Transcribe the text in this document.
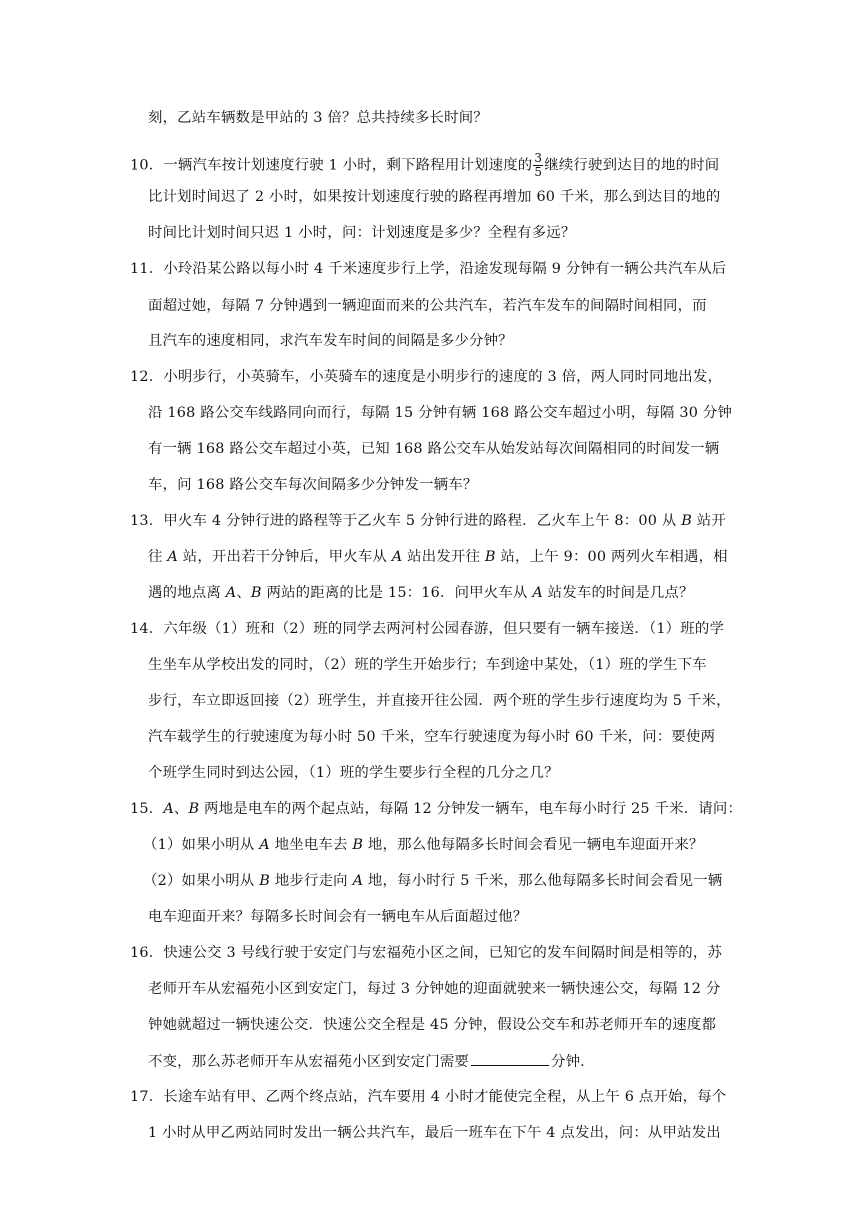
刻，乙站车辆数是甲站的 3 倍？总共持续多长时间？
10．一辆汽车按计划速度行驶 1 小时，剩下路程用计划速度的 $\frac{3}{5}$ 继续行驶到达目的地的时间
比计划时间迟了 2 小时，如果按计划速度行驶的路程再增加 60 千米，那么到达目的地的
时间比计划时间只迟 1 小时，问：计划速度是多少？全程有多远？
11．小玲沿某公路以每小时 4 千米速度步行上学，沿途发现每隔 9 分钟有一辆公共汽车从后
面超过她，每隔 7 分钟遇到一辆迎面而来的公共汽车，若汽车发车的间隔时间相同，而
且汽车的速度相同，求汽车发车时间的间隔是多少分钟？
12．小明步行，小英骑车，小英骑车的速度是小明步行的速度的 3 倍，两人同时同地出发，
沿 168 路公交车线路同向而行，每隔 15 分钟有辆 168 路公交车超过小明，每隔 30 分钟
有一辆 168 路公交车超过小英，已知 168 路公交车从始发站每次间隔相同的时间发一辆
车，问 168 路公交车每次间隔多少分钟发一辆车？
13．甲火车 4 分钟行进的路程等于乙火车 5 分钟行进的路程．乙火车上午 8：00 从 B 站开
往 A 站，开出若干分钟后，甲火车从 A 站出发开往 B 站，上午 9：00 两列火车相遇，相
遇的地点离 A、B 两站的距离的比是 15：16．问甲火车从 A 站发车的时间是几点？
14．六年级（1）班和（2）班的同学去两河村公园春游，但只要有一辆车接送．（1）班的学
生坐车从学校出发的同时，（2）班的学生开始步行；车到途中某处，（1）班的学生下车
步行，车立即返回接（2）班学生，并直接开往公园．两个班的学生步行速度均为 5 千米，
汽车载学生的行驶速度为每小时 50 千米，空车行驶速度为每小时 60 千米，问：要使两
个班学生同时到达公园，（1）班的学生要步行全程的几分之几？
15．A、B 两地是电车的两个起点站，每隔 12 分钟发一辆车，电车每小时行 25 千米．请问：
（1）如果小明从 A 地坐电车去 B 地，那么他每隔多长时间会看见一辆电车迎面开来？
（2）如果小明从 B 地步行走向 A 地，每小时行 5 千米，那么他每隔多长时间会看见一辆
电车迎面开来？每隔多长时间会有一辆电车从后面超过他？
16．快速公交 3 号线行驶于安定门与宏福苑小区之间，已知它的发车间隔时间是相等的，苏
老师开车从宏福苑小区到安定门，每过 3 分钟她的迎面就驶来一辆快速公交，每隔 12 分
钟她就超过一辆快速公交．快速公交全程是 45 分钟，假设公交车和苏老师开车的速度都
不变，那么苏老师开车从宏福苑小区到安定门需要	分钟．
17．长途车站有甲、乙两个终点站，汽车要用 4 小时才能使完全程，从上午 6 点开始，每个
1 小时从甲乙两站同时发出一辆公共汽车，最后一班车在下午 4 点发出，问：从甲站发出
